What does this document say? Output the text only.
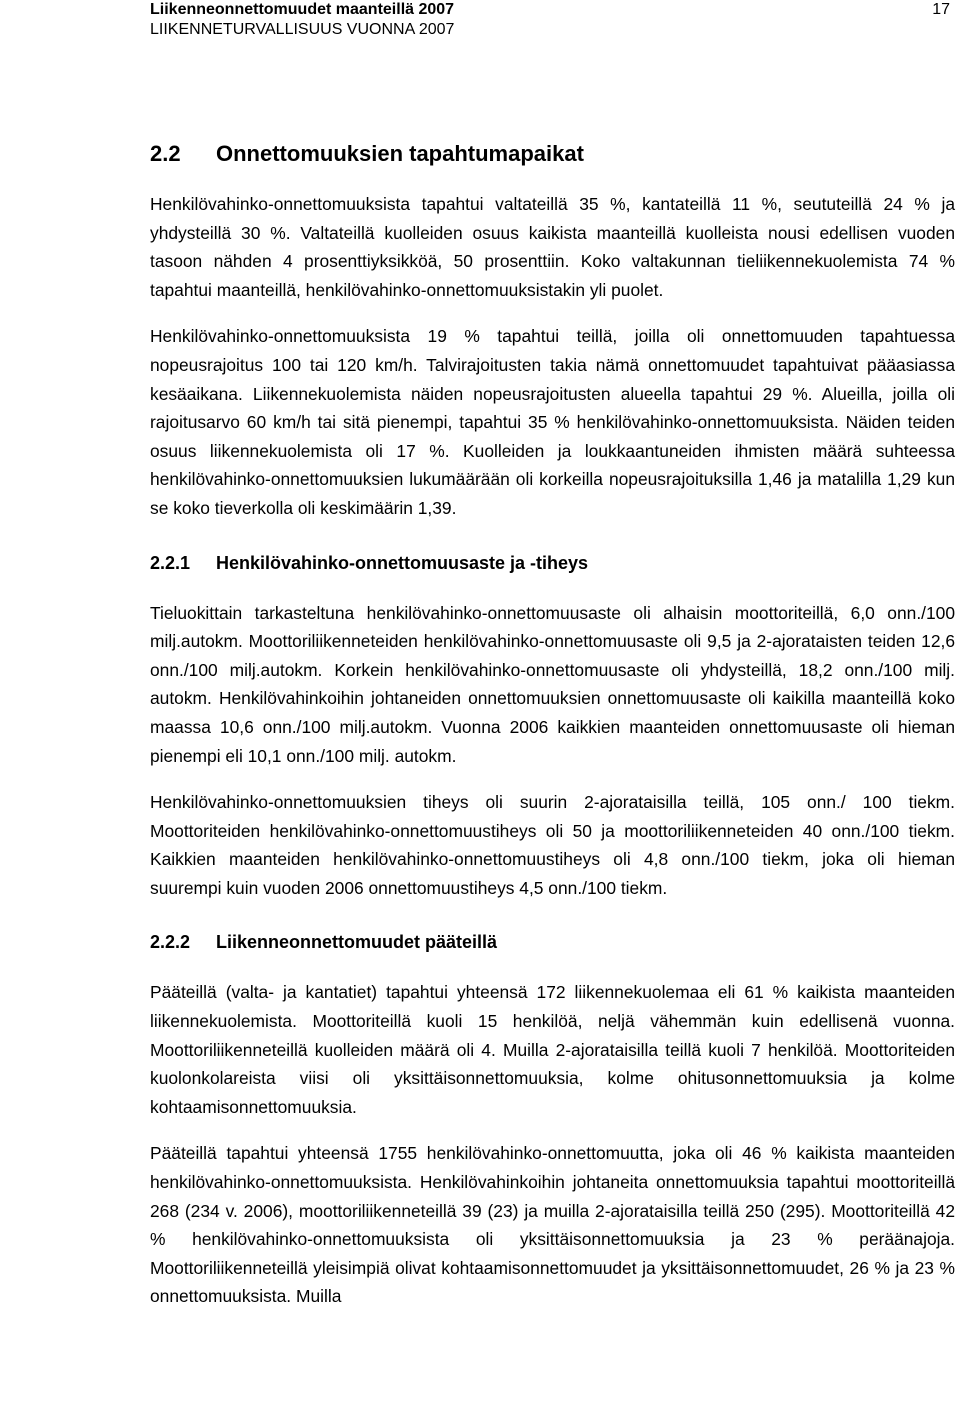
Liikenneonnettomuudet maanteillä 2007
LIIKENNETURVALLISUUS VUONNA 2007
17
2.2	Onnettomuuksien tapahtumapaikat

Henkilövahinko-onnettomuuksista tapahtui valtateillä 35 %, kantateillä 11 %, seututeillä 24 % ja yhdysteillä 30 %. Valtateillä kuolleiden osuus kaikista maanteillä kuolleista nousi edellisen vuoden tasoon nähden 4 prosenttiyksikköä, 50 prosenttiin. Koko valtakunnan tieliikennekuolemista 74 % tapahtui maanteillä, henkilövahinko-onnettomuuksistakin yli puolet.

Henkilövahinko-onnettomuuksista 19 % tapahtui teillä, joilla oli onnettomuuden tapahtuessa nopeusrajoitus 100 tai 120 km/h. Talvirajoitusten takia nämä onnettomuudet tapahtuivat pääasiassa kesäaikana. Liikennekuolemista näiden nopeusrajoitusten alueella tapahtui 29 %. Alueilla, joilla oli rajoitusarvo 60 km/h tai sitä pienempi, tapahtui 35 % henkilövahinko-onnettomuuksista. Näiden teiden osuus liikennekuolemista oli 17 %. Kuolleiden ja loukkaantuneiden ihmisten määrä suhteessa henkilövahinko-onnettomuuksien lukumäärään oli korkeilla nopeusrajoituksilla 1,46 ja matalilla 1,29 kun se koko tieverkolla oli keskimäärin 1,39.

2.2.1	Henkilövahinko-onnettomuusaste ja -tiheys

Tieluokittain tarkasteltuna henkilövahinko-onnettomuusaste oli alhaisin moottoriteillä, 6,0 onn./100 milj.autokm. Moottoriliikenneteiden henkilövahinko-onnettomuusaste oli 9,5 ja 2-ajorataisten teiden 12,6 onn./100 milj.autokm. Korkein henkilövahinko-onnettomuusaste oli yhdysteillä, 18,2 onn./100 milj. autokm. Henkilövahinkoihin johtaneiden onnettomuuksien onnettomuusaste oli kaikilla maanteillä koko maassa 10,6 onn./100 milj.autokm. Vuonna 2006 kaikkien maanteiden onnettomuusaste oli hieman pienempi eli 10,1 onn./100 milj. autokm.

Henkilövahinko-onnettomuuksien tiheys oli suurin 2-ajorataisilla teillä, 105 onn./ 100 tiekm. Moottoriteiden henkilövahinko-onnettomuustiheys oli 50 ja moottoriliikenneteiden 40 onn./100 tiekm. Kaikkien maanteiden henkilövahinko-onnettomuustiheys oli 4,8 onn./100 tiekm, joka oli hieman suurempi kuin vuoden 2006 onnettomuustiheys 4,5 onn./100 tiekm.

2.2.2	Liikenneonnettomuudet pääteillä

Pääteillä (valta- ja kantatiet) tapahtui yhteensä 172 liikennekuolemaa eli 61 % kaikista maanteiden liikennekuolemista. Moottoriteillä kuoli 15 henkilöä, neljä vähemmän kuin edellisenä vuonna. Moottoriliikenneteillä kuolleiden määrä oli 4. Muilla 2-ajorataisilla teillä kuoli 7 henkilöä. Moottoriteiden kuolonkolareista viisi oli yksittäisonnettomuuksia, kolme ohitusonnettomuuksia ja kolme kohtaamisonnettomuuksia.

Pääteillä tapahtui yhteensä 1755 henkilövahinko-onnettomuutta, joka oli 46 % kaikista maanteiden henkilövahinko-onnettomuuksista. Henkilövahinkoihin johtaneita onnettomuuksia tapahtui moottoriteillä 268 (234 v. 2006), moottoriliikenneteillä 39 (23) ja muilla 2-ajorataisilla teillä 250 (295). Moottoriteillä 42 % henkilövahinko-onnettomuuksista oli yksittäisonnettomuuksia ja 23 % peräänajoja. Moottoriliikenneteillä yleisimpiä olivat kohtaamisonnettomuudet ja yksittäisonnettomuudet, 26 % ja 23 % onnettomuuksista. Muilla
